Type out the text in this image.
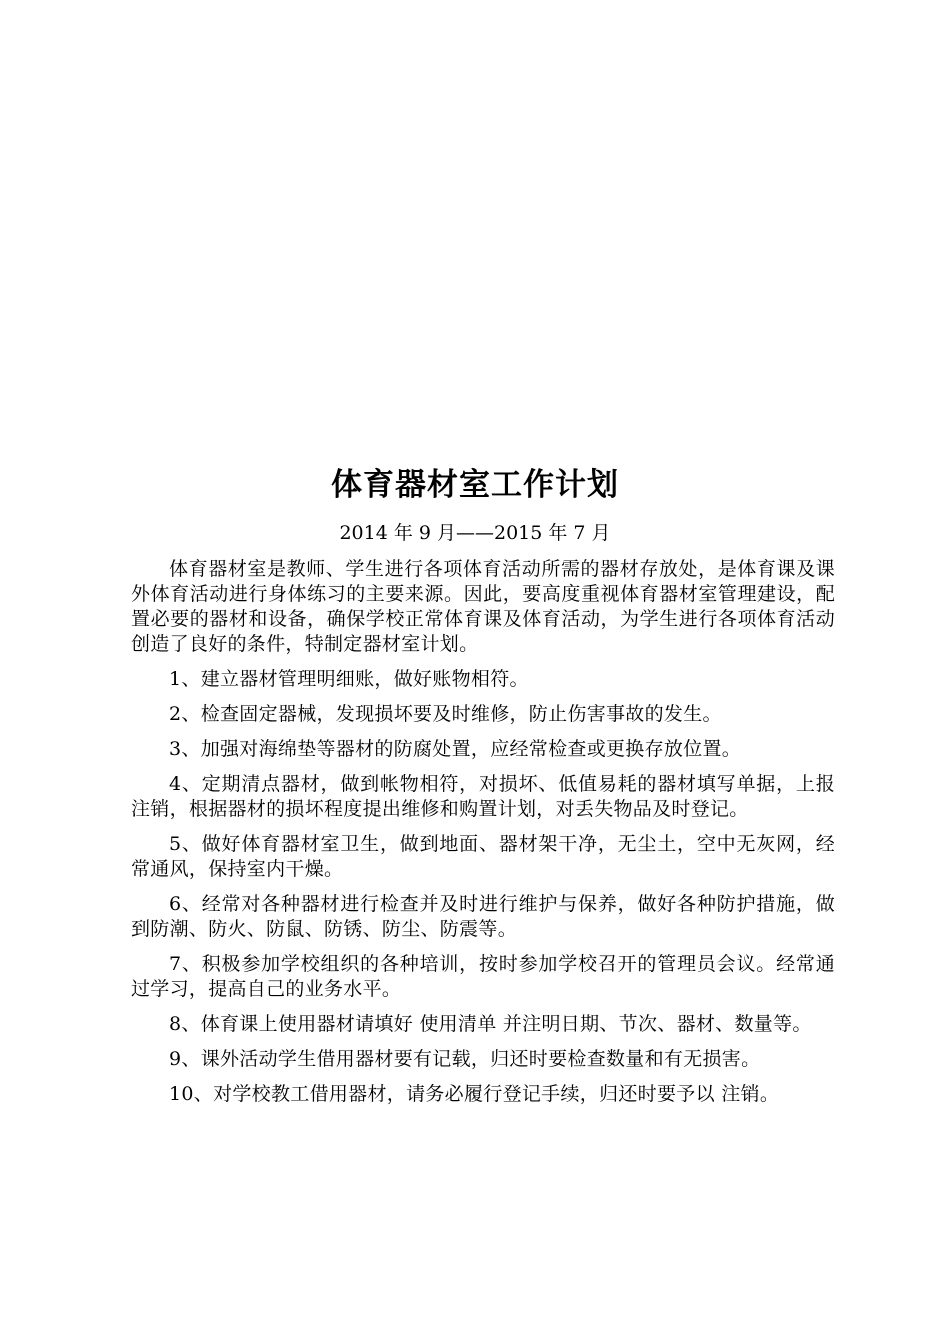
体育器材室工作计划
2014 年 9 月——2015 年 7 月

体育器材室是教师、学生进行各项体育活动所需的器材存放处，是体育课及课外体育活动进行身体练习的主要来源。因此，要高度重视体育器材室管理建设，配置必要的器材和设备，确保学校正常体育课及体育活动，为学生进行各项体育活动创造了良好的条件，特制定器材室计划。

1、建立器材管理明细账，做好账物相符。

2、检查固定器械，发现损坏要及时维修，防止伤害事故的发生。

3、加强对海绵垫等器材的防腐处置，应经常检查或更换存放位置。

4、定期清点器材，做到帐物相符，对损坏、低值易耗的器材填写单据，上报注销，根据器材的损坏程度提出维修和购置计划，对丢失物品及时登记。

5、做好体育器材室卫生，做到地面、器材架干净，无尘土，空中无灰网，经常通风，保持室内干燥。

6、经常对各种器材进行检查并及时进行维护与保养，做好各种防护措施，做到防潮、防火、防鼠、防锈、防尘、防震等。

7、积极参加学校组织的各种培训，按时参加学校召开的管理员会议。经常通过学习，提高自己的业务水平。

8、体育课上使用器材请填好 使用清单 并注明日期、节次、器材、数量等。

9、课外活动学生借用器材要有记载，归还时要检查数量和有无损害。

10、对学校教工借用器材，请务必履行登记手续，归还时要予以 注销。
